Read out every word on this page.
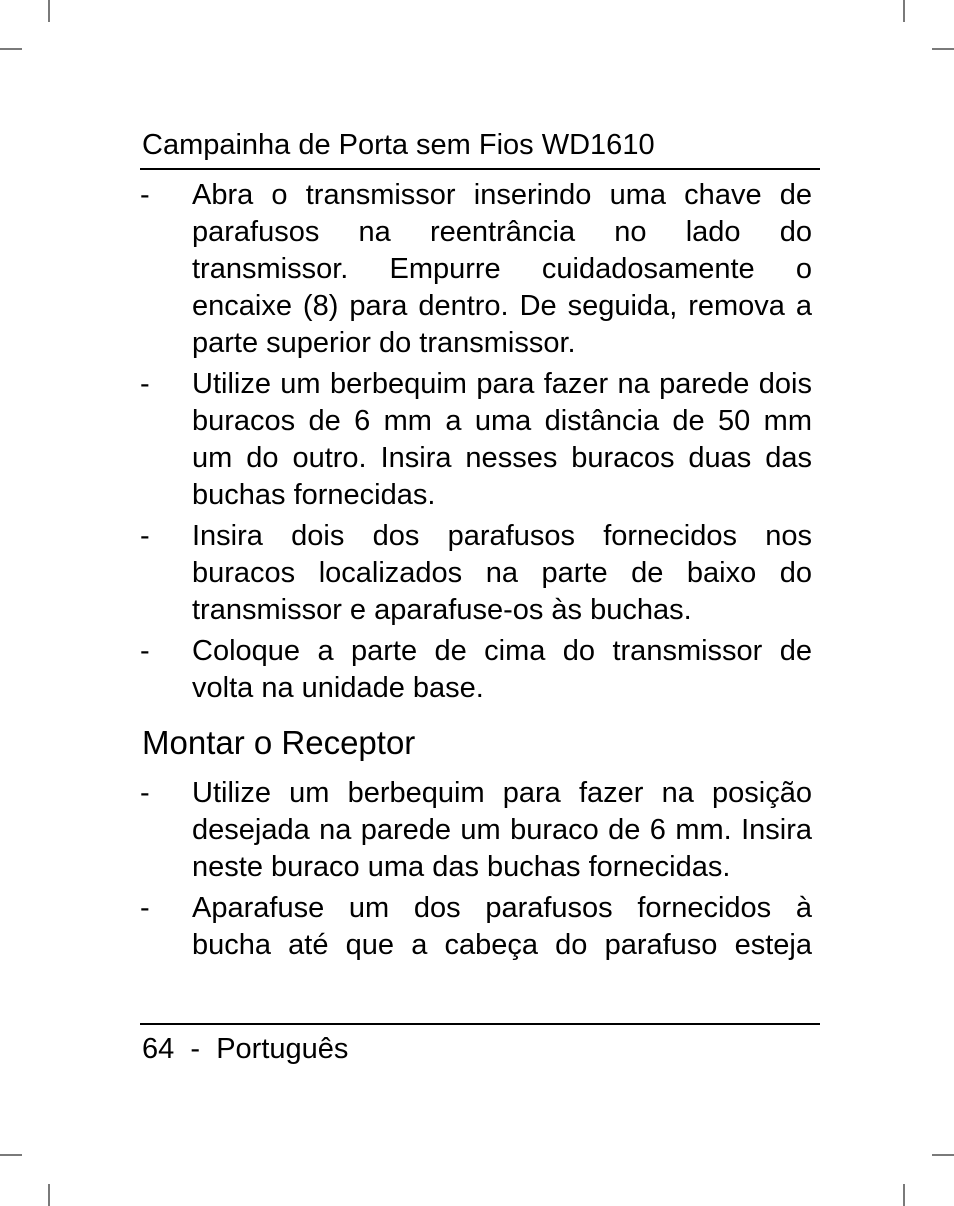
Campainha de Porta sem Fios WD1610
-	Abra o transmissor inserindo uma chave de parafusos na reentrância no lado do transmissor. Empurre cuidadosamente o encaixe (8) para dentro. De seguida, remova a parte superior do transmissor.
-	Utilize um berbequim para fazer na parede dois buracos de 6 mm a uma distância de 50 mm um do outro. Insira nesses buracos duas das buchas fornecidas.
-	Insira dois dos parafusos fornecidos nos buracos localizados na parte de baixo do transmissor e aparafuse-os às buchas.
-	Coloque a parte de cima do transmissor de volta na unidade base.
Montar o Receptor
-	Utilize um berbequim para fazer na posição desejada na parede um buraco de 6 mm. Insira neste buraco uma das buchas fornecidas.
-	Aparafuse um dos parafusos fornecidos à bucha até que a cabeça do parafuso esteja
64 - Português
